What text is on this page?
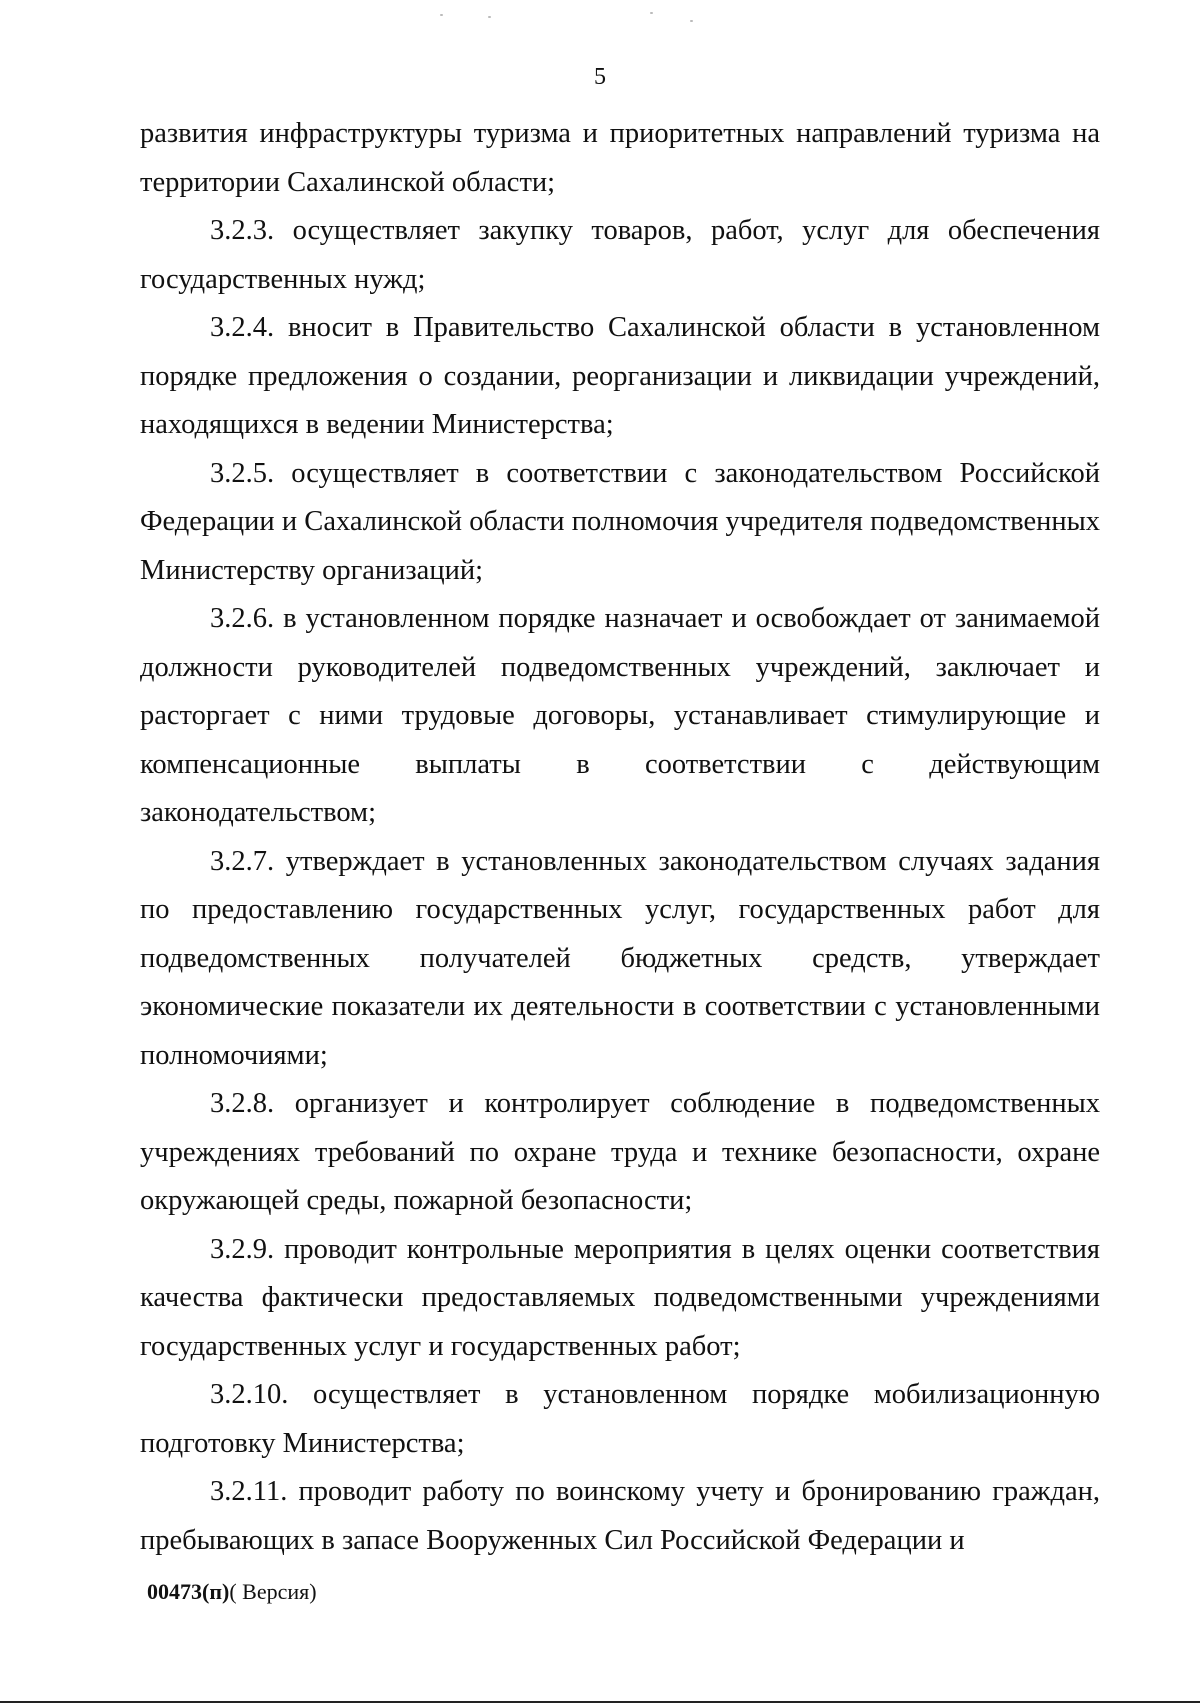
5

развития инфраструктуры туризма и приоритетных направлений туризма на территории Сахалинской области;

3.2.3. осуществляет закупку товаров, работ, услуг для обеспечения государственных нужд;

3.2.4. вносит в Правительство Сахалинской области в установленном порядке предложения о создании, реорганизации и ликвидации учреждений, находящихся в ведении Министерства;

3.2.5. осуществляет в соответствии с законодательством Российской Федерации и Сахалинской области полномочия учредителя подведомственных Министерству организаций;

3.2.6. в установленном порядке назначает и освобождает от занимаемой должности руководителей подведомственных учреждений, заключает и расторгает с ними трудовые договоры, устанавливает стимулирующие и компенсационные выплаты в соответствии с действующим законодательством;

3.2.7. утверждает в установленных законодательством случаях задания по предоставлению государственных услуг, государственных работ для подведомственных получателей бюджетных средств, утверждает экономические показатели их деятельности в соответствии с установленными полномочиями;

3.2.8. организует и контролирует соблюдение в подведомственных учреждениях требований по охране труда и технике безопасности, охране окружающей среды, пожарной безопасности;

3.2.9. проводит контрольные мероприятия в целях оценки соответствия качества фактически предоставляемых подведомственными учреждениями государственных услуг и государственных работ;

3.2.10. осуществляет в установленном порядке мобилизационную подготовку Министерства;

3.2.11. проводит работу по воинскому учету и бронированию граждан, пребывающих в запасе Вооруженных Сил Российской Федерации и

00473(п)( Версия)
